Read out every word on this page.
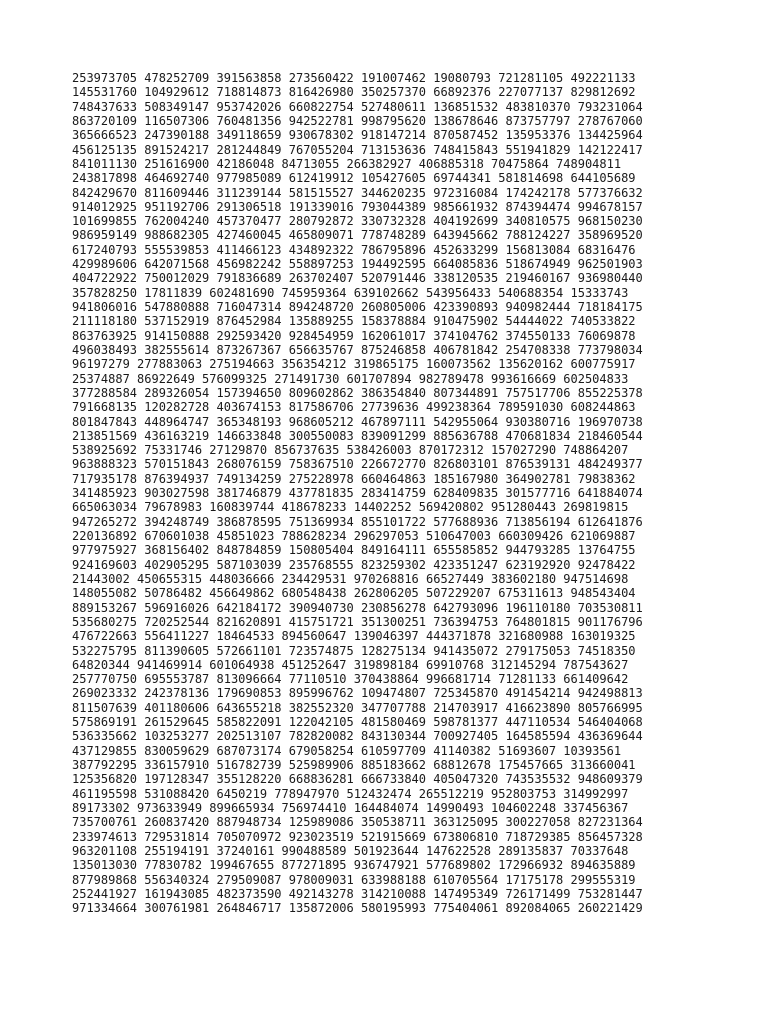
253973705 478252709 391563858 273560422 191007462 19080793 721281105 492221133
145531760 104929612 718814873 816426980 350257370 66892376 227077137 829812692
748437633 508349147 953742026 660822754 527480611 136851532 483810370 793231064
863720109 116507306 760481356 942522781 998795620 138678646 873757797 278767060
365666523 247390188 349118659 930678302 918147214 870587452 135953376 134425964
456125135 891524217 281244849 767055204 713153636 748415843 551941829 142122417
841011130 251616900 42186048 84713055 266382927 406885318 70475864 748904811
243817898 464692740 977985089 612419912 105427605 69744341 581814698 644105689
842429670 811609446 311239144 581515527 344620235 972316084 174242178 577376632
914012925 951192706 291306518 191339016 793044389 985661932 874394474 994678157
101699855 762004240 457370477 280792872 330732328 404192699 340810575 968150230
986959149 988682305 427460045 465809071 778748289 643945662 788124227 358969520
617240793 555539853 411466123 434892322 786795896 452633299 156813084 68316476
429989606 642071568 456982242 558897253 194492595 664085836 518674949 962501903
404722922 750012029 791836689 263702407 520791446 338120535 219460167 936980440
357828250 17811839 602481690 745959364 639102662 543956433 540688354 15333743
941806016 547880888 716047314 894248720 260805006 423390893 940982444 718184175
211118180 537152919 876452984 135889255 158378884 910475902 54444022 740533822
863763925 914150888 292593420 928454959 162061017 374104762 374550133 76069878
496038493 382555614 873267367 656635767 875246858 406781842 254708338 773798034
96197279 277883063 275194663 356354212 319865175 160073562 135620162 600775917
25374887 86922649 576099325 271491730 601707894 982789478 993616669 602504833
377288584 289326054 157394650 809602862 386354840 807344891 757517706 855225378
791668135 120282728 403674153 817586706 27739636 499238364 789591030 608244863
801847843 448964747 365348193 968605212 467897111 542955064 930380716 196970738
213851569 436163219 146633848 300550083 839091299 885636788 470681834 218460544
538925692 75331746 27129870 856737635 538426003 870172312 157027290 748864207
963888323 570151843 268076159 758367510 226672770 826803101 876539131 484249377
717935178 876394937 749134259 275228978 660464863 185167980 364902781 79838362
341485923 903027598 381746879 437781835 283414759 628409835 301577716 641884074
665063034 79678983 160839744 418678233 14402252 569420802 951280443 269819815
947265272 394248749 386878595 751369934 855101722 577688936 713856194 612641876
220136892 670601038 45851023 788628234 296297053 510647003 660309426 621069887
977975927 368156402 848784859 150805404 849164111 655585852 944793285 13764755
924169603 402905295 587103039 235768555 823259302 423351247 623192920 92478422
21443002 450655315 448036666 234429531 970268816 66527449 383602180 947514698
148055082 50786482 456649862 680548438 262806205 507229207 675311613 948543404
889153267 596916026 642184172 390940730 230856278 642793096 196110180 703530811
535680275 720252544 821620891 415751721 351300251 736394753 764801815 901176796
476722663 556411227 18464533 894560647 139046397 444371878 321680988 163019325
532275795 811390605 572661101 723574875 128275134 941435072 279175053 74518350
64820344 941469914 601064938 451252647 319898184 69910768 312145294 787543627
257770750 695553787 813096664 77110510 370438864 996681714 71281133 661409642
269023332 242378136 179690853 895996762 109474807 725345870 491454214 942498813
811507639 401180606 643655218 382552320 347707788 214703917 416623890 805766995
575869191 261529645 585822091 122042105 481580469 598781377 447110534 546404068
536335662 103253277 202513107 782820082 843130344 700927405 164585594 436369644
437129855 830059629 687073174 679058254 610597709 41140382 51693607 10393561
387792295 336157910 516782739 525989906 885183662 68812678 175457665 313660041
125356820 197128347 355128220 668836281 666733840 405047320 743535532 948609379
461195598 531088420 6450219 778947970 512432474 265512219 952803753 314992997
89173302 973633949 899665934 756974410 164484074 14990493 104602248 337456367
735700761 260837420 887948734 125989086 350538711 363125095 300227058 827231364
233974613 729531814 705070972 923023519 521915669 673806810 718729385 856457328
963201108 255194191 37240161 990488589 501923644 147622528 289135837 70337648
135013030 77830782 199467655 877271895 936747921 577689802 172966932 894635889
877989868 556340324 279509087 978009031 633988188 610705564 17175178 299555319
252441927 161943085 482373590 492143278 314210088 147495349 726171499 753281447
971334664 300761981 264846717 135872006 580195993 775404061 892084065 260221429
